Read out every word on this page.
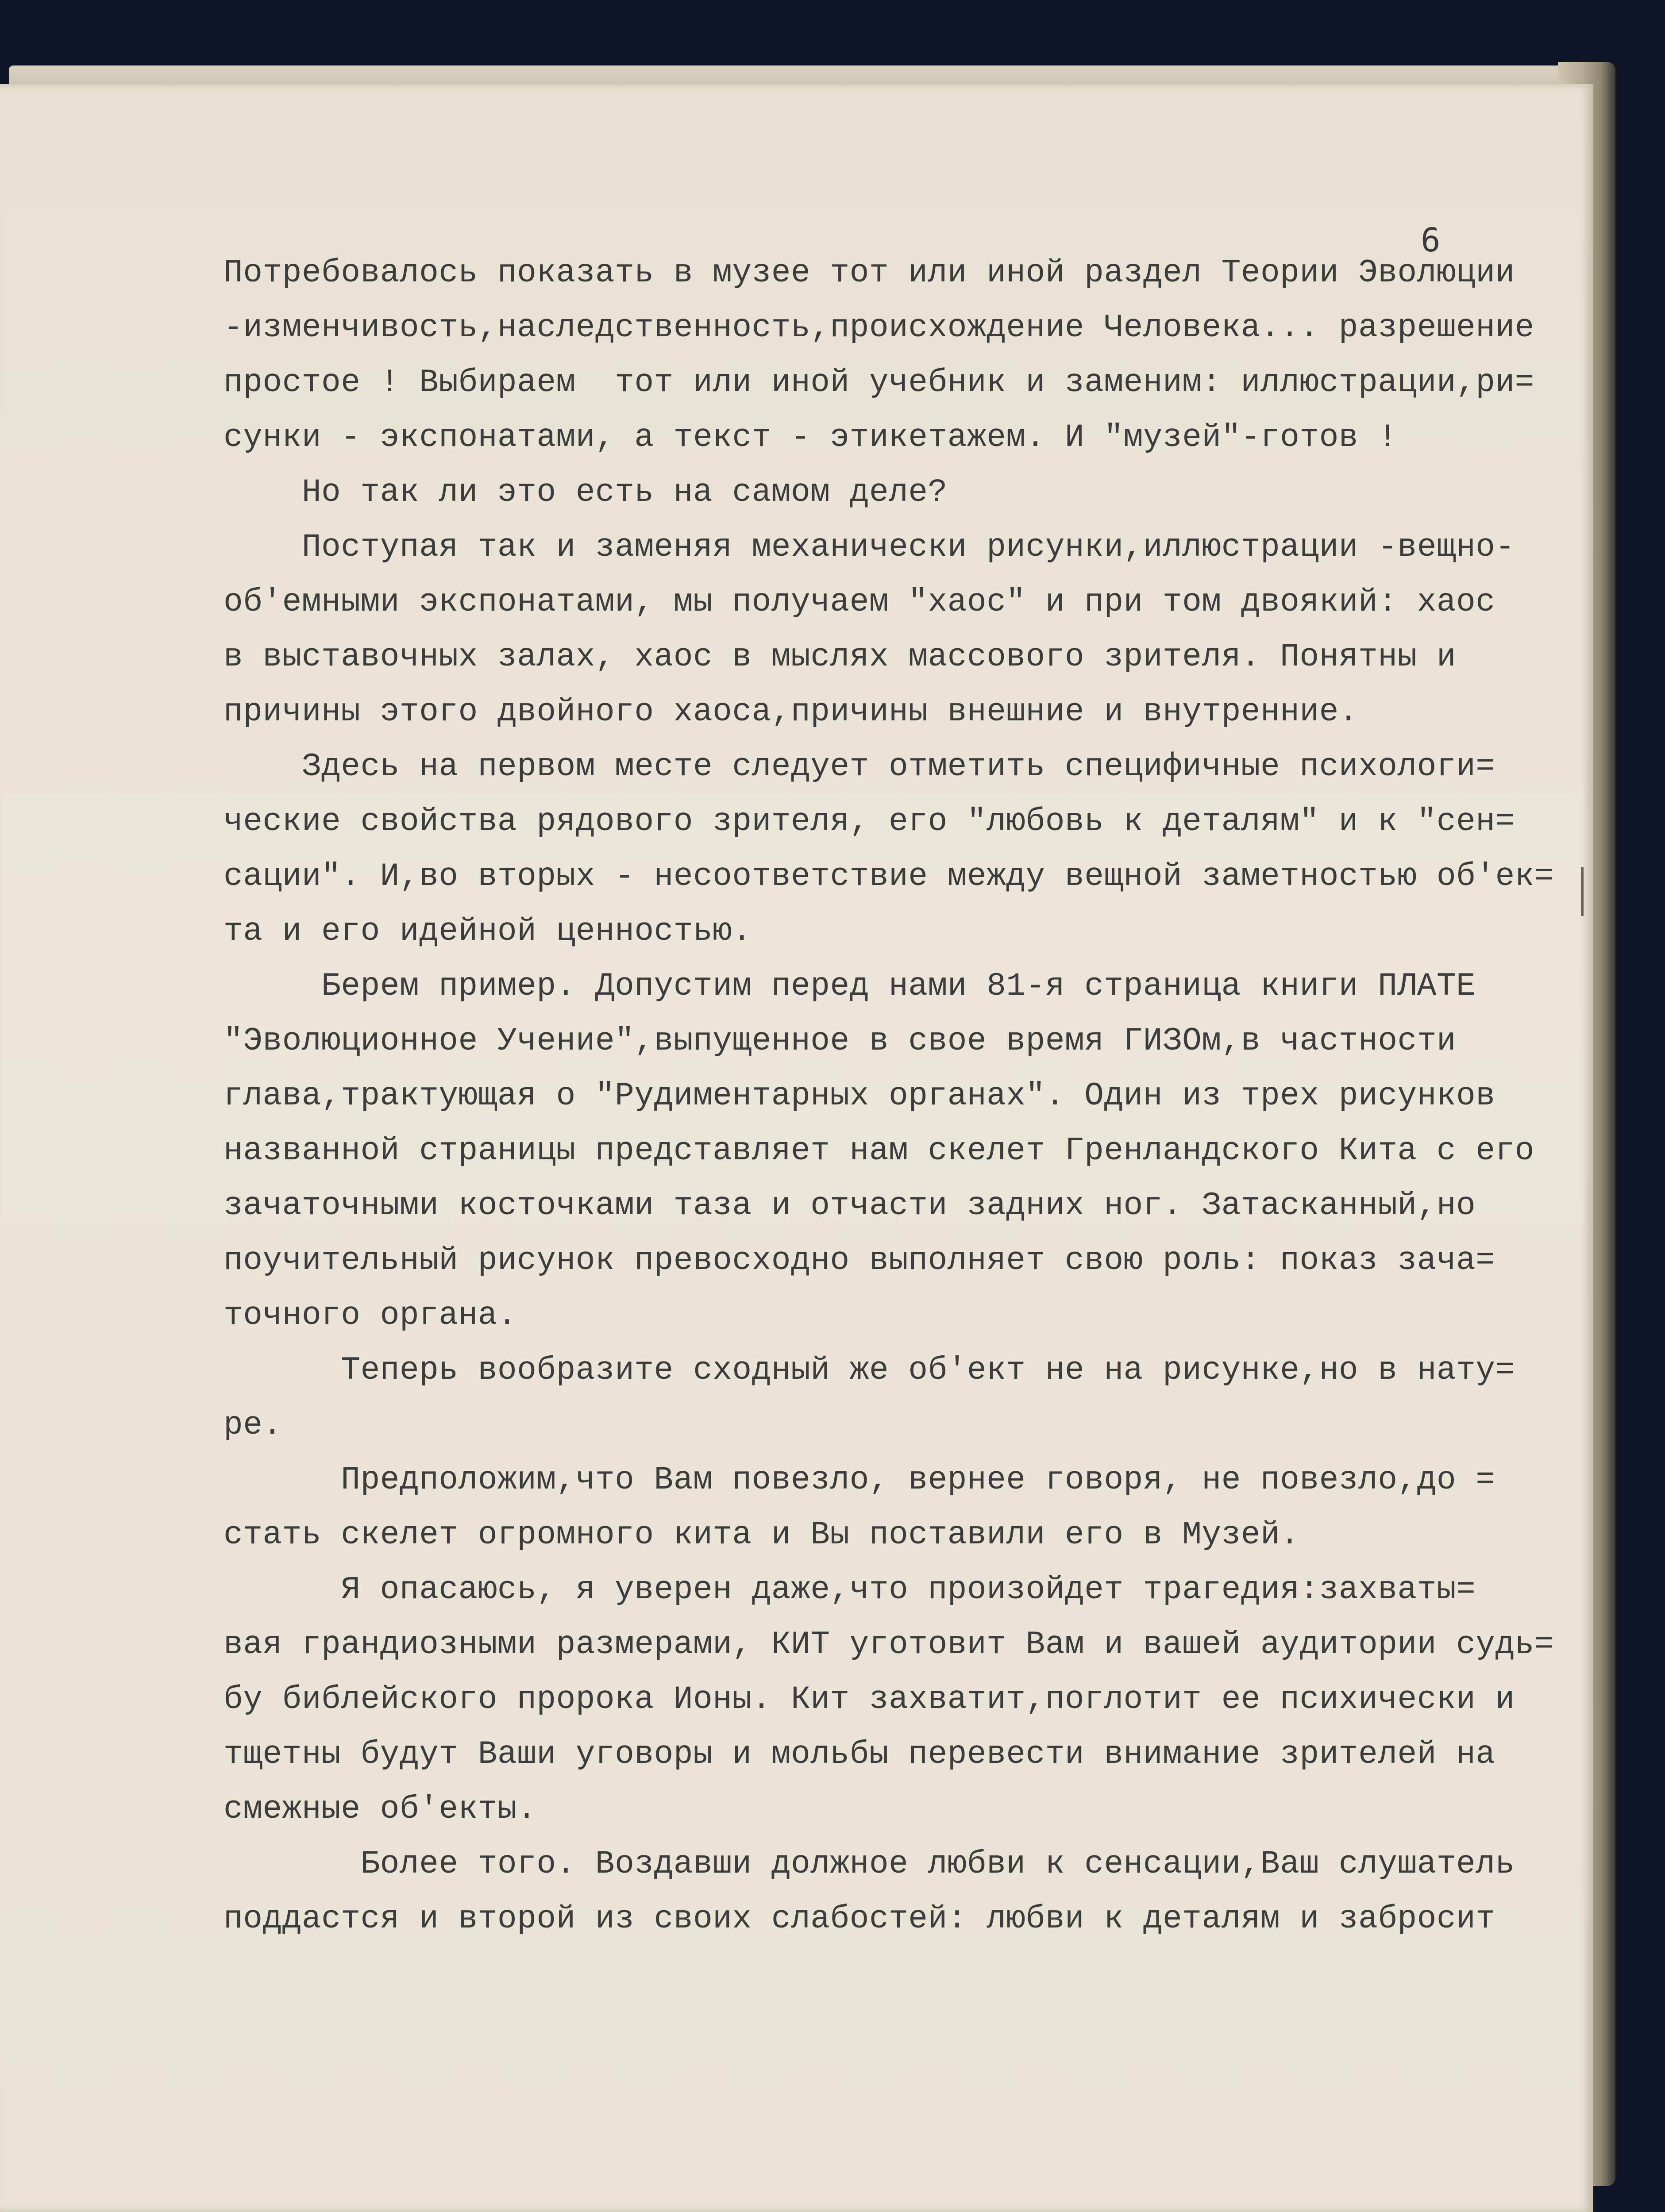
6
Потребовалось показать в музее тот или иной раздел Теории Эволюции
-изменчивость,наследственность,происхождение Человека... разрешение
простое ! Выбираем  тот или иной учебник и заменим: иллюстрации,ри=
сунки - экспонатами, а текст - этикетажем. И "музей"-готов !
Но так ли это есть на самом деле?
Поступая так и заменяя механически рисунки,иллюстрации -вещно-
об'емными экспонатами, мы получаем "хаос" и при том двоякий: хаос
в выставочных залах, хаос в мыслях массового зрителя. Понятны и
причины этого двойного хаоса,причины внешние и внутренние.
Здесь на первом месте следует отметить специфичные психологи=
ческие свойства рядового зрителя, его "любовь к деталям" и к "сен=
сации". И,во вторых - несоответствие между вещной заметностью об'ек=
та и его идейной ценностью.
Берем пример. Допустим перед нами 81-я страница книги ПЛАТЕ
"Эволюционное Учение",выпущенное в свое время ГИЗОм,в частности
глава,трактующая о "Рудиментарных органах". Один из трех рисунков
названной страницы представляет нам скелет Гренландского Кита с его
зачаточными косточками таза и отчасти задних ног. Затасканный,но
поучительный рисунок превосходно выполняет свою роль: показ зача=
точного органа.
Теперь вообразите сходный же об'ект не на рисунке,но в нату=
ре.
Предположим,что Вам повезло, вернее говоря, не повезло,до =
стать скелет огромного кита и Вы поставили его в Музей.
Я опасаюсь, я уверен даже,что произойдет трагедия:захваты=
вая грандиозными размерами, КИТ уготовит Вам и вашей аудитории судь=
бу библейского пророка Ионы. Кит захватит,поглотит ее психически и
тщетны будут Ваши уговоры и мольбы перевести внимание зрителей на
смежные об'екты.
Более того. Воздавши должное любви к сенсации,Ваш слушатель
поддастся и второй из своих слабостей: любви к деталям и забросит
